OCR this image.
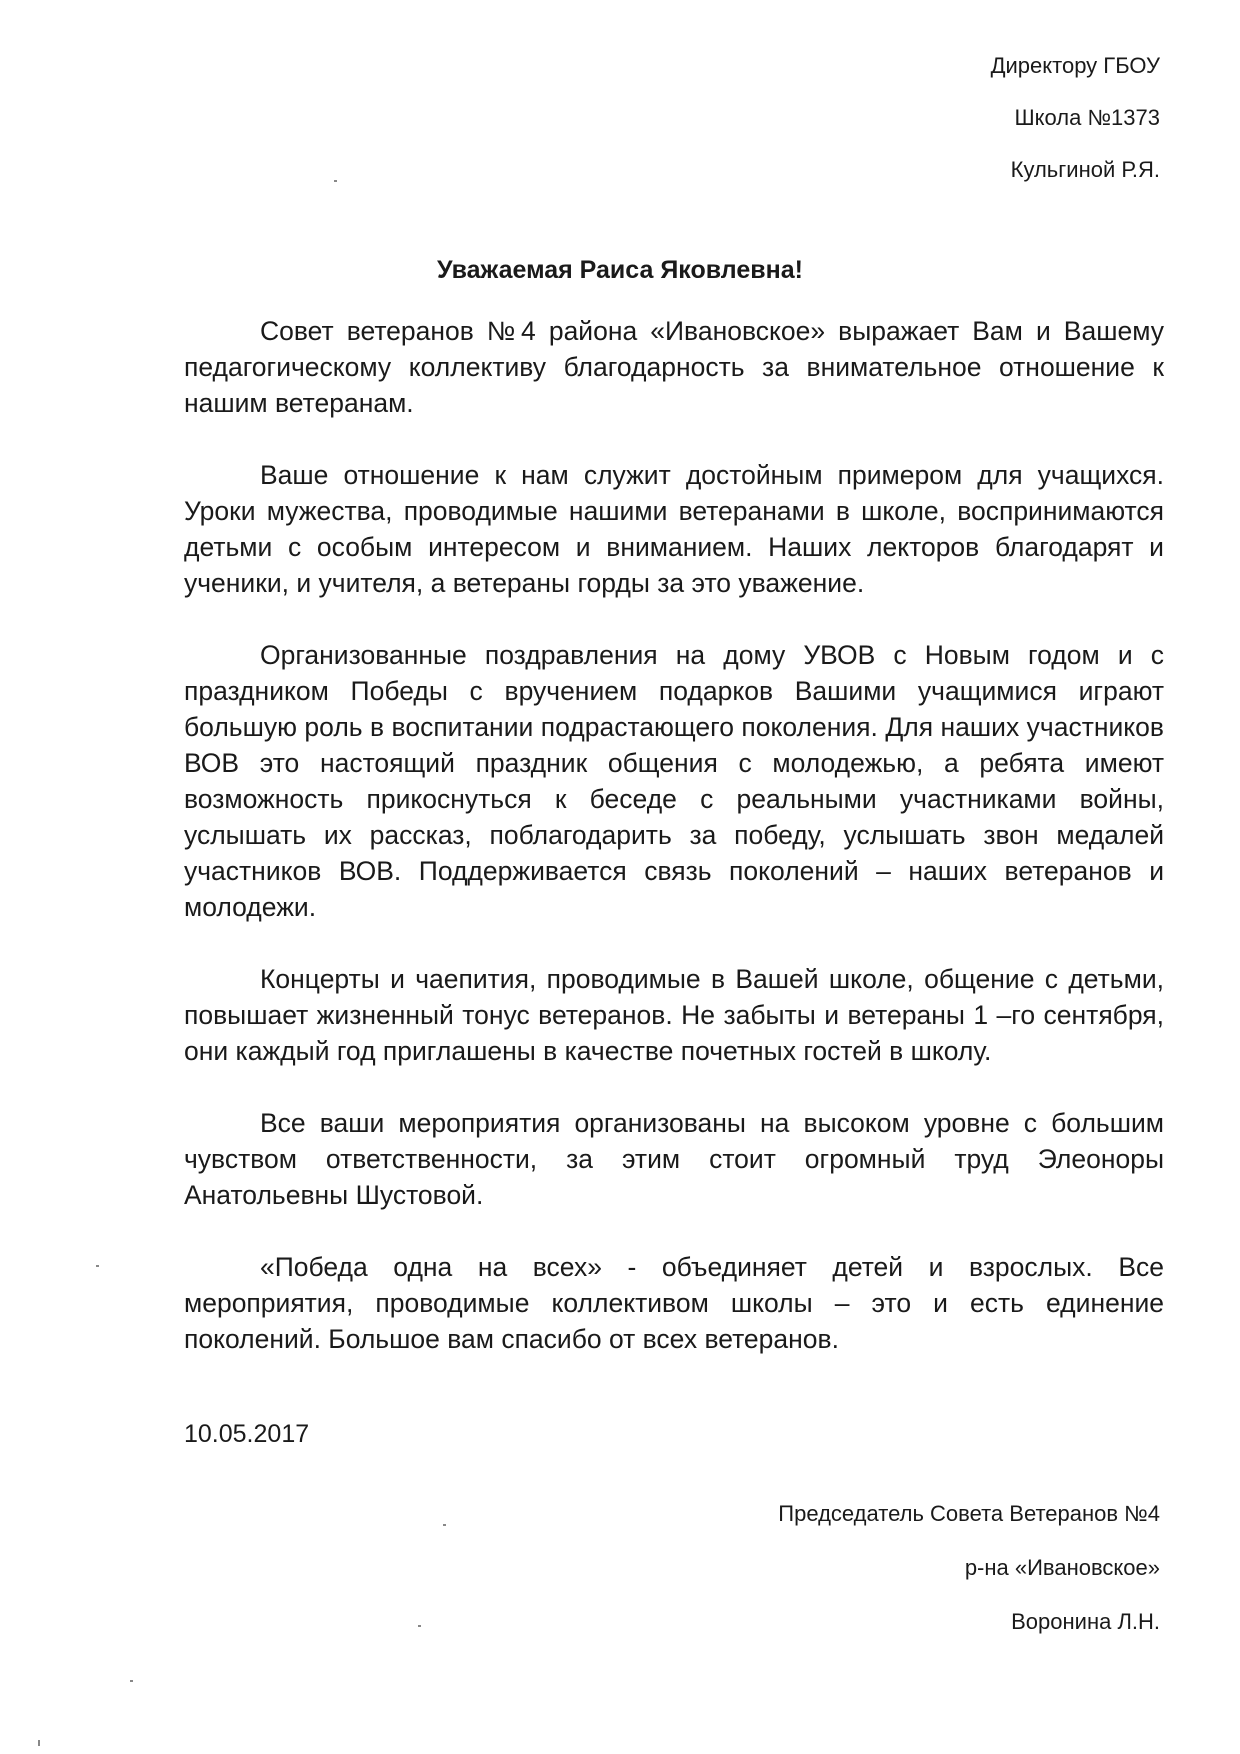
Директору ГБОУ
Школа №1373
Кульгиной Р.Я.
Уважаемая Раиса Яковлевна!

Совет ветеранов №4 района «Ивановское» выражает Вам и Вашему педагогическому коллективу благодарность за внимательное отношение к нашим ветеранам.

Ваше отношение к нам служит достойным примером для учащихся. Уроки мужества, проводимые нашими ветеранами в школе, воспринимаются детьми с особым интересом и вниманием. Наших лекторов благодарят и ученики, и учителя, а ветераны горды за это уважение.

Организованные поздравления на дому УВОВ с Новым годом и с праздником Победы с вручением подарков Вашими учащимися играют большую роль в воспитании подрастающего поколения. Для наших участников ВОВ это настоящий праздник общения с молодежью, а ребята имеют возможность прикоснуться к беседе с реальными участниками войны, услышать их рассказ, поблагодарить за победу, услышать звон медалей участников ВОВ. Поддерживается связь поколений – наших ветеранов и молодежи.

Концерты и чаепития, проводимые в Вашей школе, общение с детьми, повышает жизненный тонус ветеранов. Не забыты и ветераны 1 –го сентября, они каждый год приглашены в качестве почетных гостей в школу.

Все ваши мероприятия организованы на высоком уровне с большим чувством ответственности, за этим стоит огромный труд Элеоноры Анатольевны Шустовой.

«Победа одна на всех» - объединяет детей и взрослых. Все мероприятия, проводимые коллективом школы – это и есть единение поколений. Большое вам спасибо от всех ветеранов.

10.05.2017
Председатель Совета Ветеранов №4
р-на «Ивановское»
Воронина Л.Н.
